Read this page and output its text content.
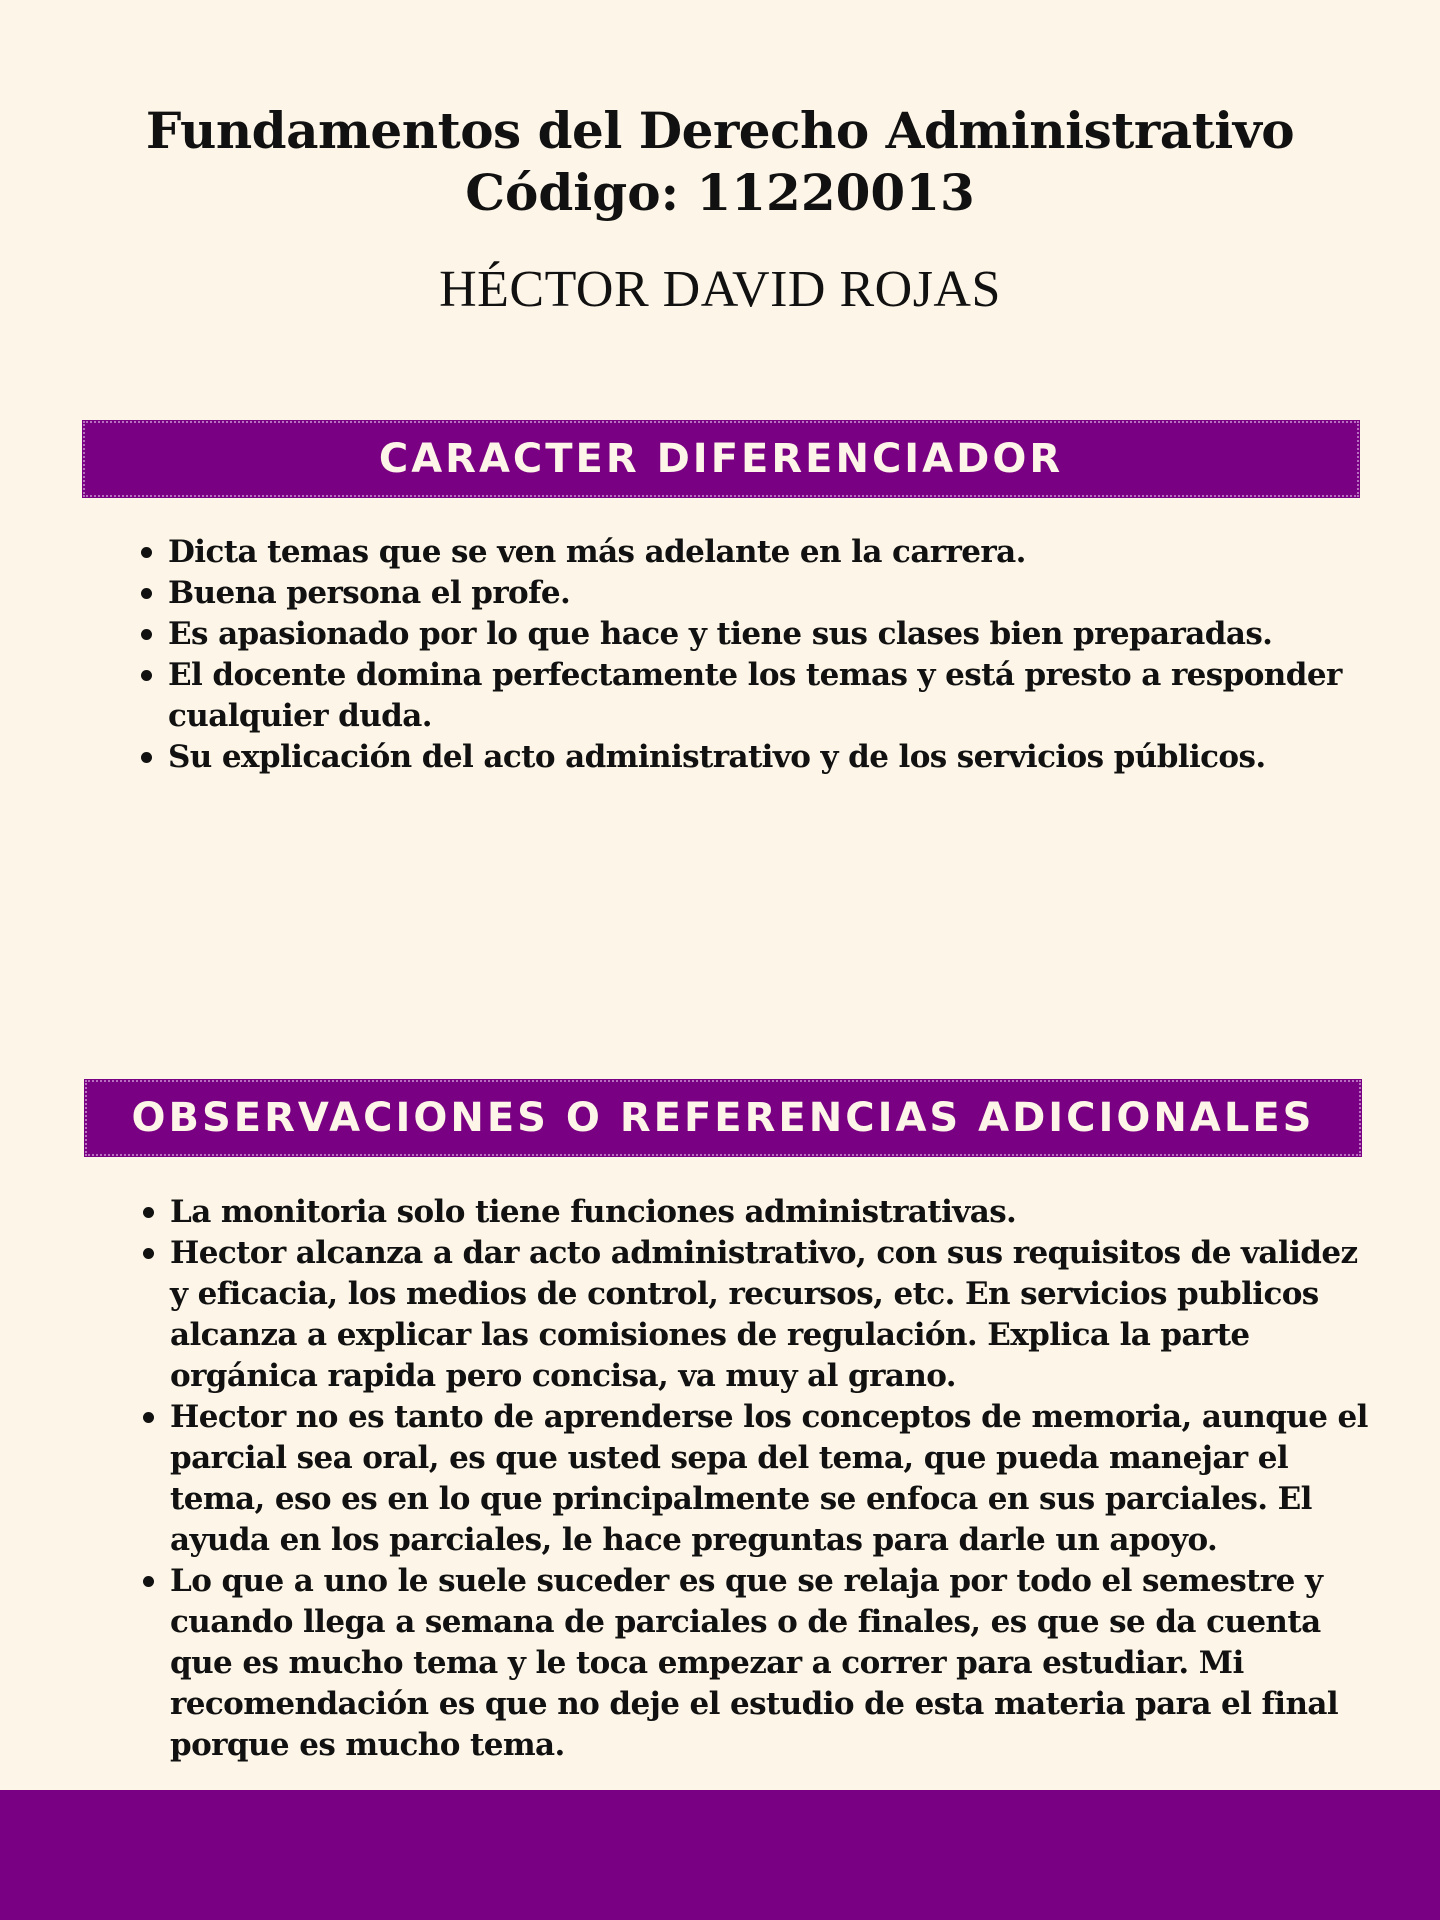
Fundamentos del Derecho Administrativo

Código: 11220013

HÉCTOR DAVID ROJAS
CARACTER DIFERENCIADOR
Dicta temas que se ven más adelante en la carrera.
Buena persona el profe.
Es apasionado por lo que hace y tiene sus clases bien preparadas.
El docente domina perfectamente los temas y está presto a responder cualquier duda.
Su explicación del acto administrativo y de los servicios públicos.
OBSERVACIONES O REFERENCIAS ADICIONALES
La monitoria solo tiene funciones administrativas.
Hector alcanza a dar acto administrativo, con sus requisitos de validez y eficacia, los medios de control, recursos, etc. En servicios publicos alcanza a explicar las comisiones de regulación. Explica la parte orgánica rapida pero concisa, va muy al grano.
Hector no es tanto de aprenderse los conceptos de memoria, aunque el parcial sea oral, es que usted sepa del tema, que pueda manejar el tema, eso es en lo que principalmente se enfoca en sus parciales. El ayuda en los parciales, le hace preguntas para darle un apoyo.
Lo que a uno le suele suceder es que se relaja por todo el semestre y cuando llega a semana de parciales o de finales, es que se da cuenta que es mucho tema y le toca empezar a correr para estudiar. Mi recomendación es que no deje el estudio de esta materia para el final porque es mucho tema.
